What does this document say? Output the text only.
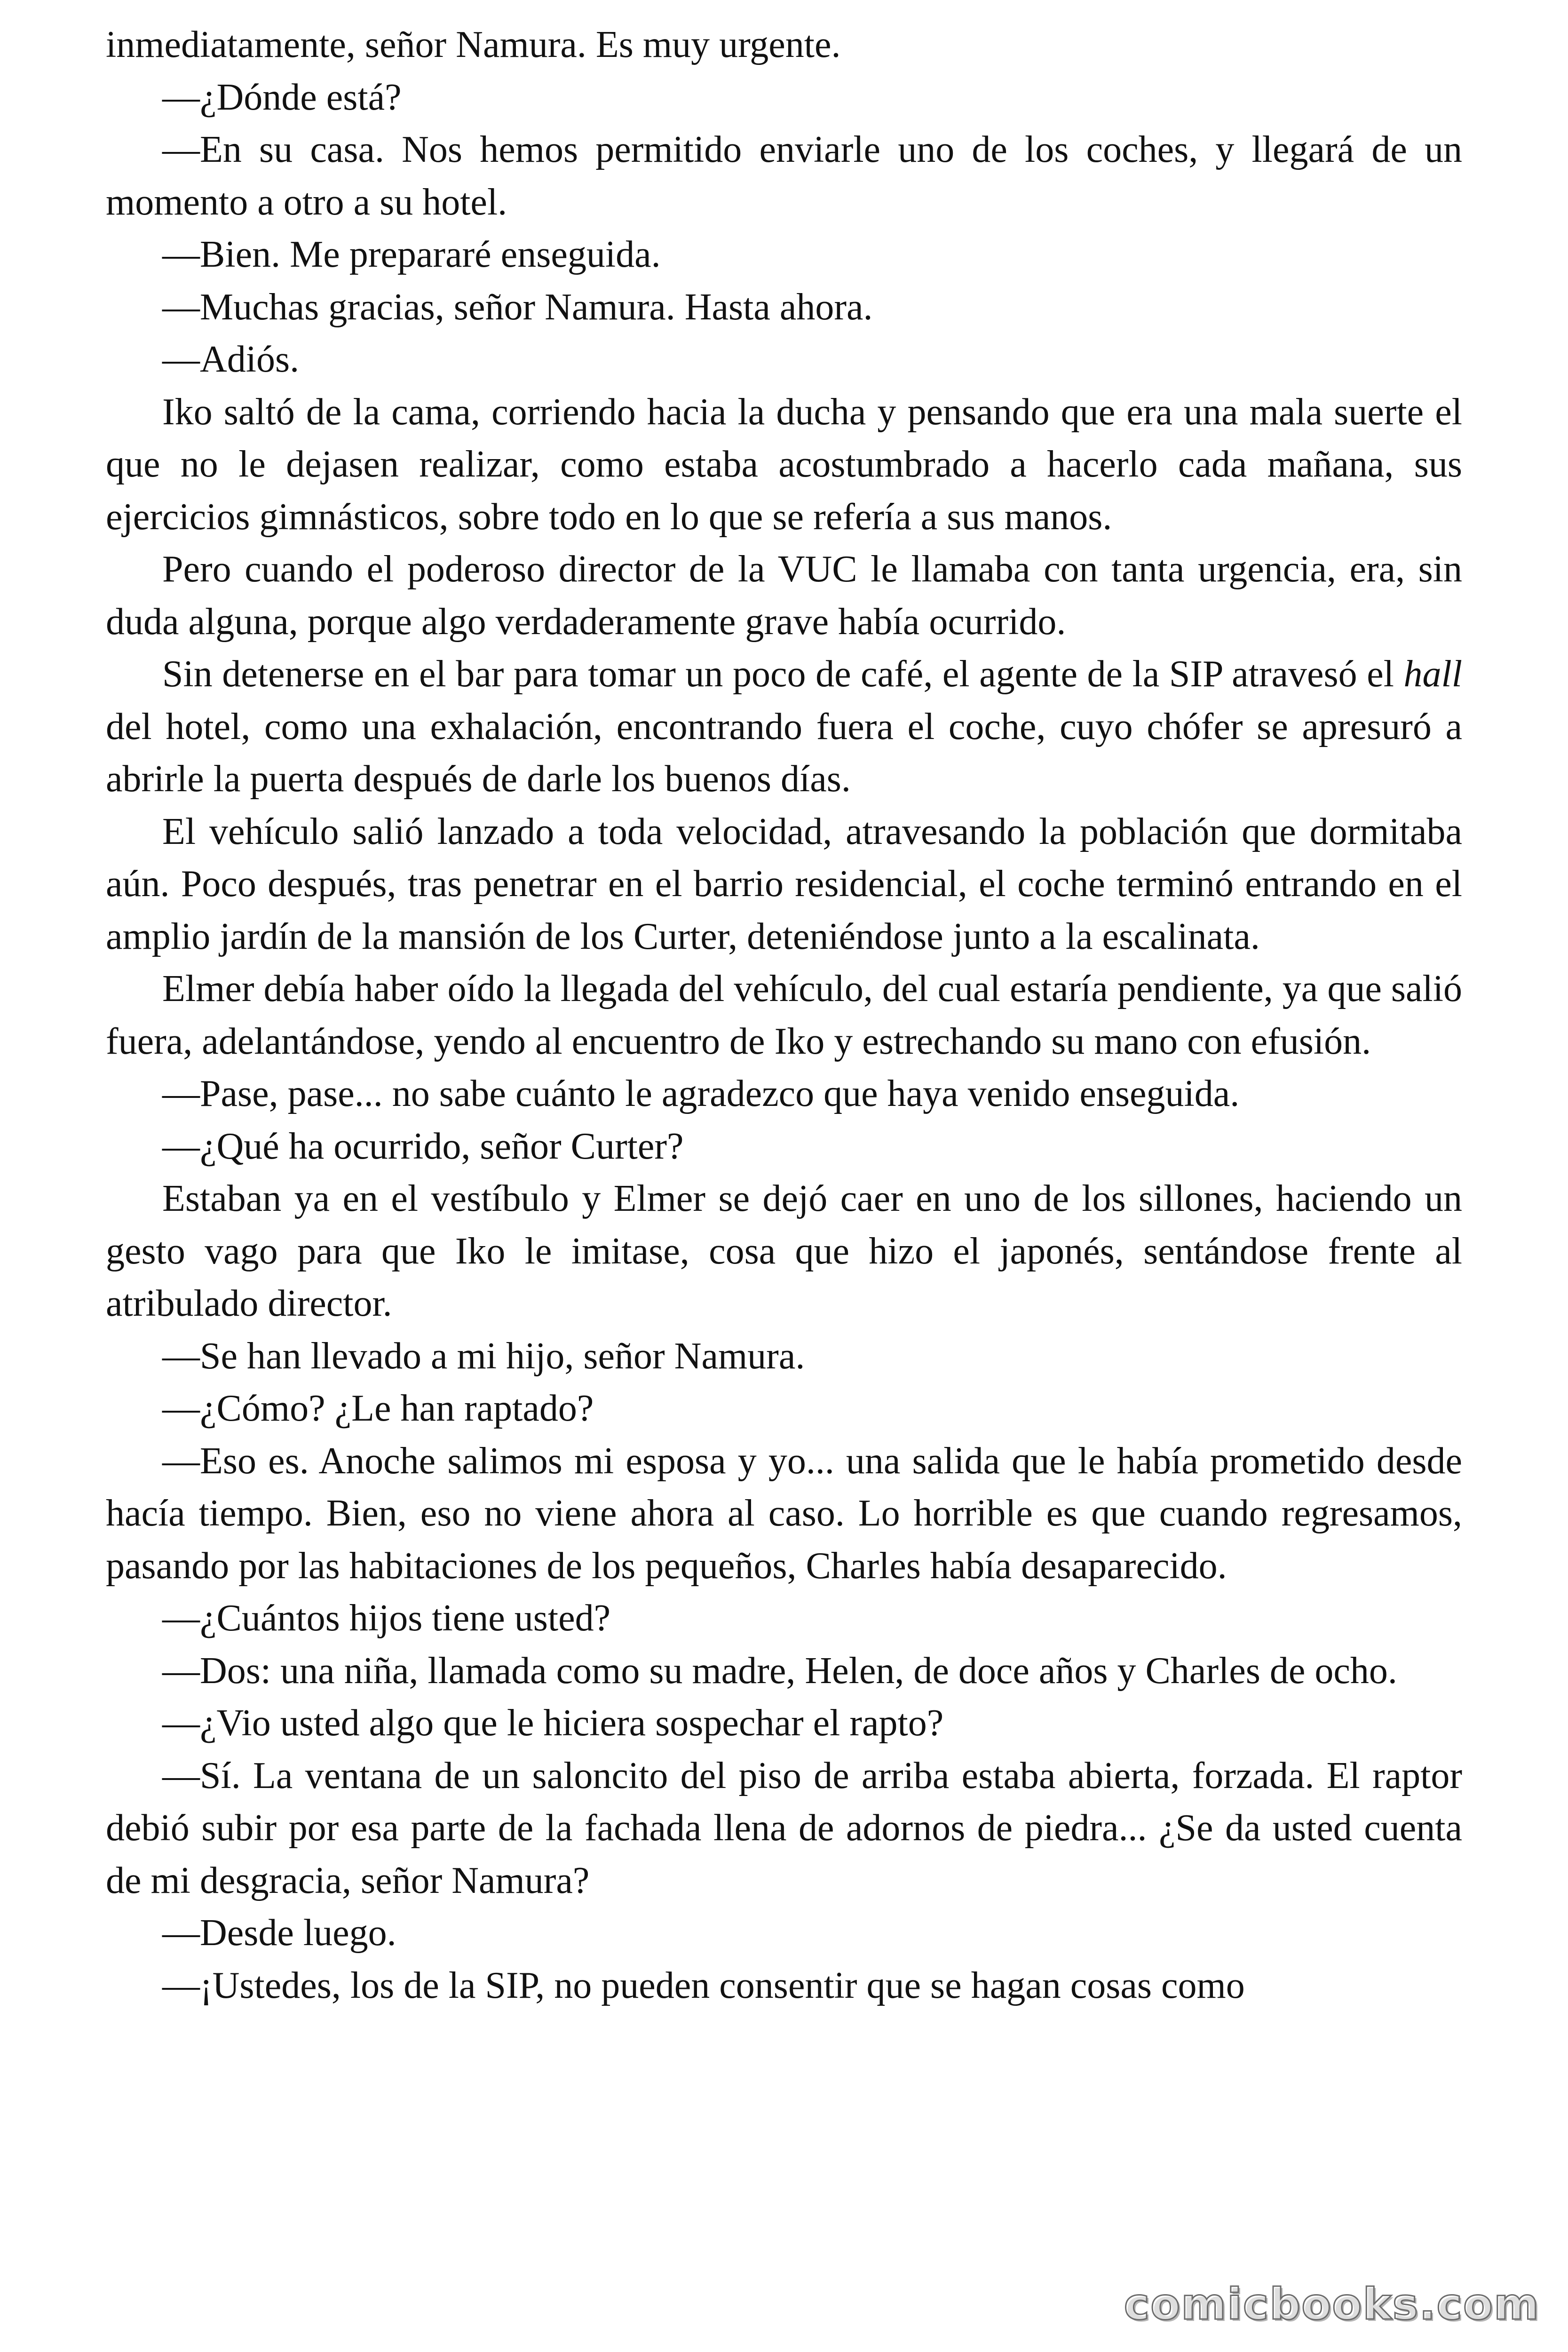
inmediatamente, señor Namura. Es muy urgente.

—¿Dónde está?

—En su casa. Nos hemos permitido enviarle uno de los coches, y llegará de un momento a otro a su hotel.

—Bien. Me prepararé enseguida.

—Muchas gracias, señor Namura. Hasta ahora.

—Adiós.

Iko saltó de la cama, corriendo hacia la ducha y pensando que era una mala suerte el que no le dejasen realizar, como estaba acostumbrado a hacerlo cada mañana, sus ejercicios gimnásticos, sobre todo en lo que se refería a sus manos.

Pero cuando el poderoso director de la VUC le llamaba con tanta urgencia, era, sin duda alguna, porque algo verdaderamente grave había ocurrido.

Sin detenerse en el bar para tomar un poco de café, el agente de la SIP atravesó el hall del hotel, como una exhalación, encontrando fuera el coche, cuyo chófer se apresuró a abrirle la puerta después de darle los buenos días.

El vehículo salió lanzado a toda velocidad, atravesando la población que dormitaba aún. Poco después, tras penetrar en el barrio residencial, el coche terminó entrando en el amplio jardín de la mansión de los Curter, deteniéndose junto a la escalinata.

Elmer debía haber oído la llegada del vehículo, del cual estaría pendiente, ya que salió fuera, adelantándose, yendo al encuentro de Iko y estrechando su mano con efusión.

—Pase, pase... no sabe cuánto le agradezco que haya venido enseguida.

—¿Qué ha ocurrido, señor Curter?

Estaban ya en el vestíbulo y Elmer se dejó caer en uno de los sillones, haciendo un gesto vago para que Iko le imitase, cosa que hizo el japonés, sentándose frente al atribulado director.

—Se han llevado a mi hijo, señor Namura.

—¿Cómo? ¿Le han raptado?

—Eso es. Anoche salimos mi esposa y yo... una salida que le había prometido desde hacía tiempo. Bien, eso no viene ahora al caso. Lo horrible es que cuando regresamos, pasando por las habitaciones de los pequeños, Charles había desaparecido.

—¿Cuántos hijos tiene usted?

—Dos: una niña, llamada como su madre, Helen, de doce años y Charles de ocho.

—¿Vio usted algo que le hiciera sospechar el rapto?

—Sí. La ventana de un saloncito del piso de arriba estaba abierta, forzada. El raptor debió subir por esa parte de la fachada llena de adornos de piedra... ¿Se da usted cuenta de mi desgracia, señor Namura?

—Desde luego.

—¡Ustedes, los de la SIP, no pueden consentir que se hagan cosas como

comicbooks.com
